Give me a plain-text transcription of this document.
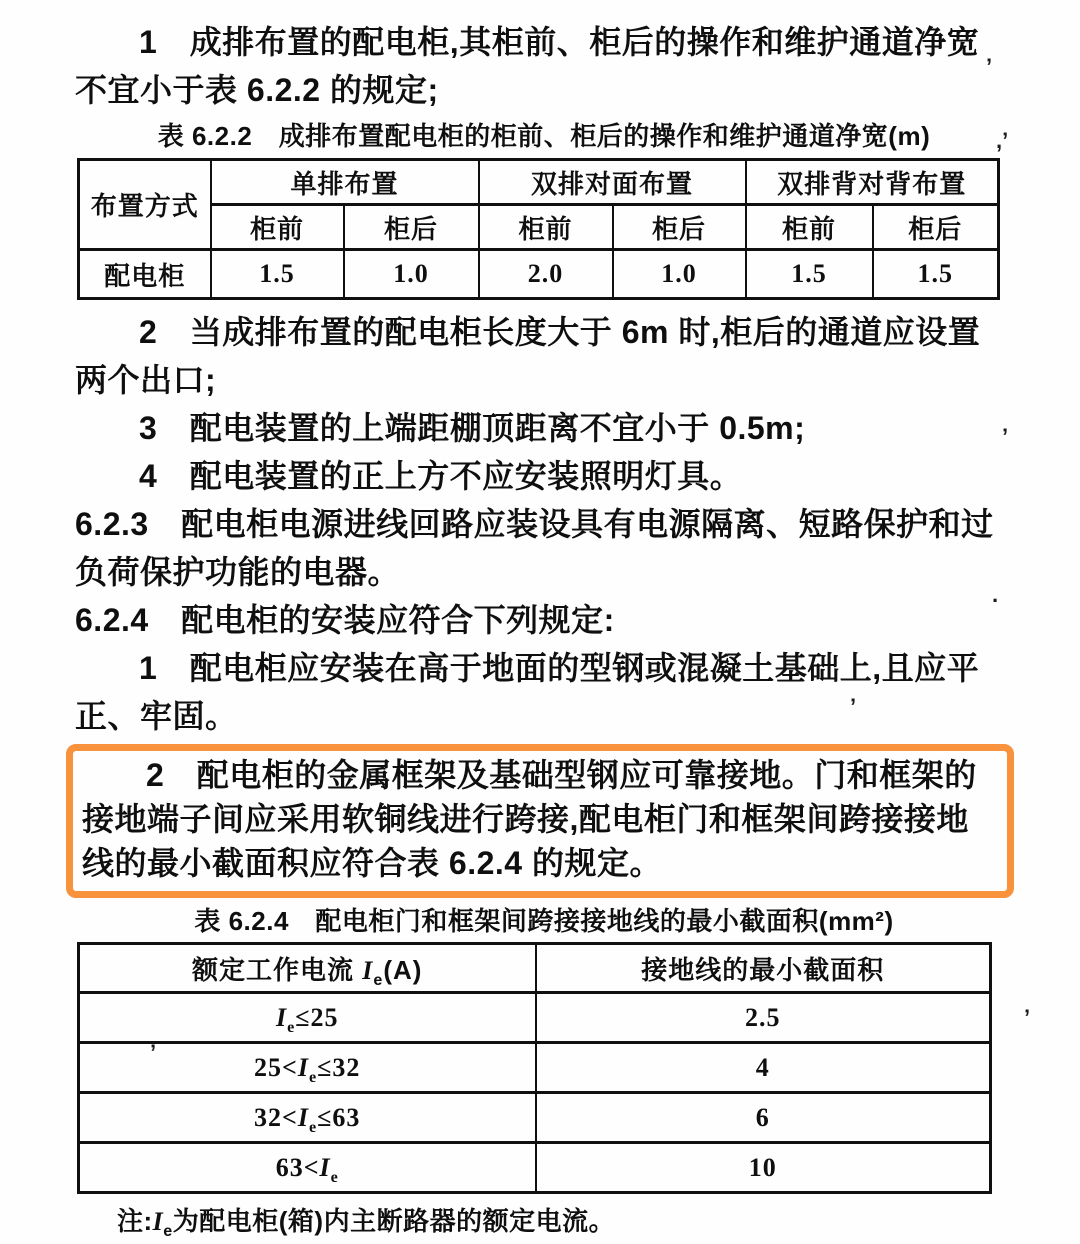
1　成排布置的配电柜,其柜前、柜后的操作和维护通道净宽
不宜小于表 6.2.2 的规定;
表 6.2.2　成排布置配电柜的柜前、柜后的操作和维护通道净宽(m)
布置方式	单排布置		双排对面布置		双排背对背布置	
	柜前	柜后	柜前	柜后	柜前	柜后
配电柜	1.5	1.0	2.0	1.0	1.5	1.5
2　当成排布置的配电柜长度大于 6m 时,柜后的通道应设置
两个出口;
3　配电装置的上端距棚顶距离不宜小于 0.5m;
4　配电装置的正上方不应安装照明灯具。
6.2.3　配电柜电源进线回路应装设具有电源隔离、短路保护和过
负荷保护功能的电器。
6.2.4　配电柜的安装应符合下列规定:
1　配电柜应安装在高于地面的型钢或混凝土基础上,且应平
正、牢固。
2　配电柜的金属框架及基础型钢应可靠接地。门和框架的
接地端子间应采用软铜线进行跨接,配电柜门和框架间跨接接地
线的最小截面积应符合表 6.2.4 的规定。
表 6.2.4　配电柜门和框架间跨接接地线的最小截面积(mm²)
额定工作电流 $I_e(A)$	接地线的最小截面积
$I_e\le 25$	2.5
$25<I_e\le 32$	4
$32<I_e\le 63$	6
$63<I_e$	10
注$:I_e$为配电柜(箱)内主断路器的额定电流。
’
,’
’
·
’
’
’
